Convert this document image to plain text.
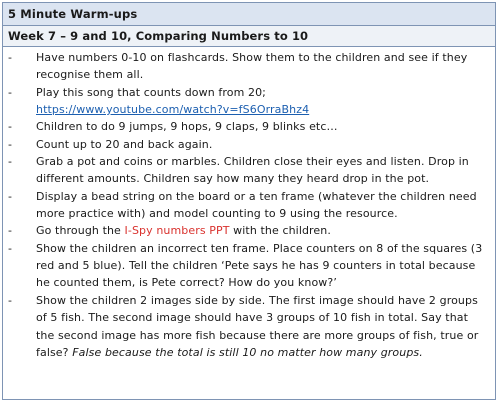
5 Minute Warm-ups
Week 7 – 9 and 10, Comparing Numbers to 10
-	Have numbers 0-10 on flashcards. Show them to the children and see if they recognise them all.
-	Play this song that counts down from 20;
https://www.youtube.com/watch?v=fS6OrraBhz4
-	Children to do 9 jumps, 9 hops, 9 claps, 9 blinks etc…
-	Count up to 20 and back again.
-	Grab a pot and coins or marbles. Children close their eyes and listen. Drop in different amounts. Children say how many they heard drop in the pot.
-	Display a bead string on the board or a ten frame (whatever the children need more practice with) and model counting to 9 using the resource.
-	Go through the I-Spy numbers PPT with the children.
-	Show the children an incorrect ten frame. Place counters on 8 of the squares (3 red and 5 blue). Tell the children ‘Pete says he has 9 counters in total because he counted them, is Pete correct? How do you know?’
-	Show the children 2 images side by side. The first image should have 2 groups of 5 fish. The second image should have 3 groups of 10 fish in total. Say that the second image has more fish because there are more groups of fish, true or false? False because the total is still 10 no matter how many groups.
